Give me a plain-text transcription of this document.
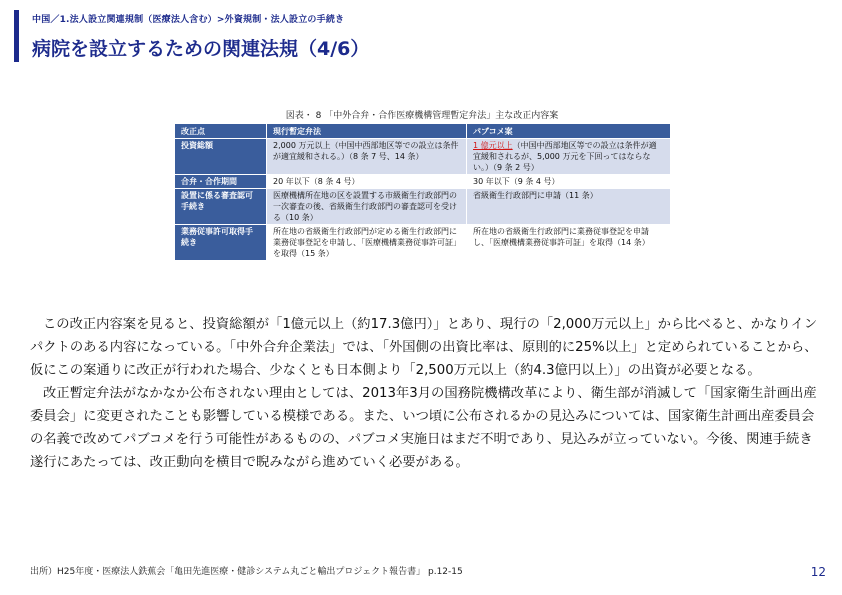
中国／1.法人設立関連規制（医療法人含む）>外資規制・法人設立の手続き
病院を設立するための関連法規（4/6）
図表・ 8 「中外合弁・合作医療機構管理暫定弁法」主な改正内容案
改正点	現行暫定弁法	パブコメ案
投資総額	2,000 万元以上（中国中西部地区等での設立は条件が適宜緩和される。）（8 条 7 号、14 条）	1 億元以上（中国中西部地区等での設立は条件が適宜緩和されるが、5,000 万元を下回ってはならない。）（9 条 2 号）
合弁・合作期間	20 年以下（8 条 4 号）	30 年以下（9 条 4 号）
設置に係る審査認可手続き	医療機構所在地の区を設置する市級衛生行政部門の一次審査の後、省級衛生行政部門の審査認可を受ける（10 条）	省級衛生行政部門に申請（11 条）
業務従事許可取得手続き	所在地の省級衛生行政部門が定める衛生行政部門に業務従事登記を申請し、「医療機構業務従事許可証」を取得（15 条）	所在地の省級衛生行政部門に業務従事登記を申請し、「医療機構業務従事許可証」を取得（14 条）

この改正内容案を見ると、投資総額が「1億元以上（約17.3億円）」とあり、現行の「2,000万元以上」から比べると、かなりインパクトのある内容になっている。「中外合弁企業法」では、「外国側の出資比率は、原則的に25%以上」と定められていることから、仮にこの案通りに改正が行われた場合、少なくとも日本側より「2,500万元以上（約4.3億円以上）」の出資が必要となる。

改正暫定弁法がなかなか公布されない理由としては、2013年3月の国務院機構改革により、衛生部が消滅して「国家衛生計画出産委員会」に変更されたことも影響している模様である。また、いつ頃に公布されるかの見込みについては、国家衛生計画出産委員会の名義で改めてパブコメを行う可能性があるものの、パブコメ実施日はまだ不明であり、見込みが立っていない。今後、関連手続き遂行にあたっては、改正動向を横目で睨みながら進めていく必要がある。

出所）H25年度・医療法人鉄蕉会「亀田先進医療・健診システム丸ごと輸出プロジェクト報告書」 p.12-15	12
